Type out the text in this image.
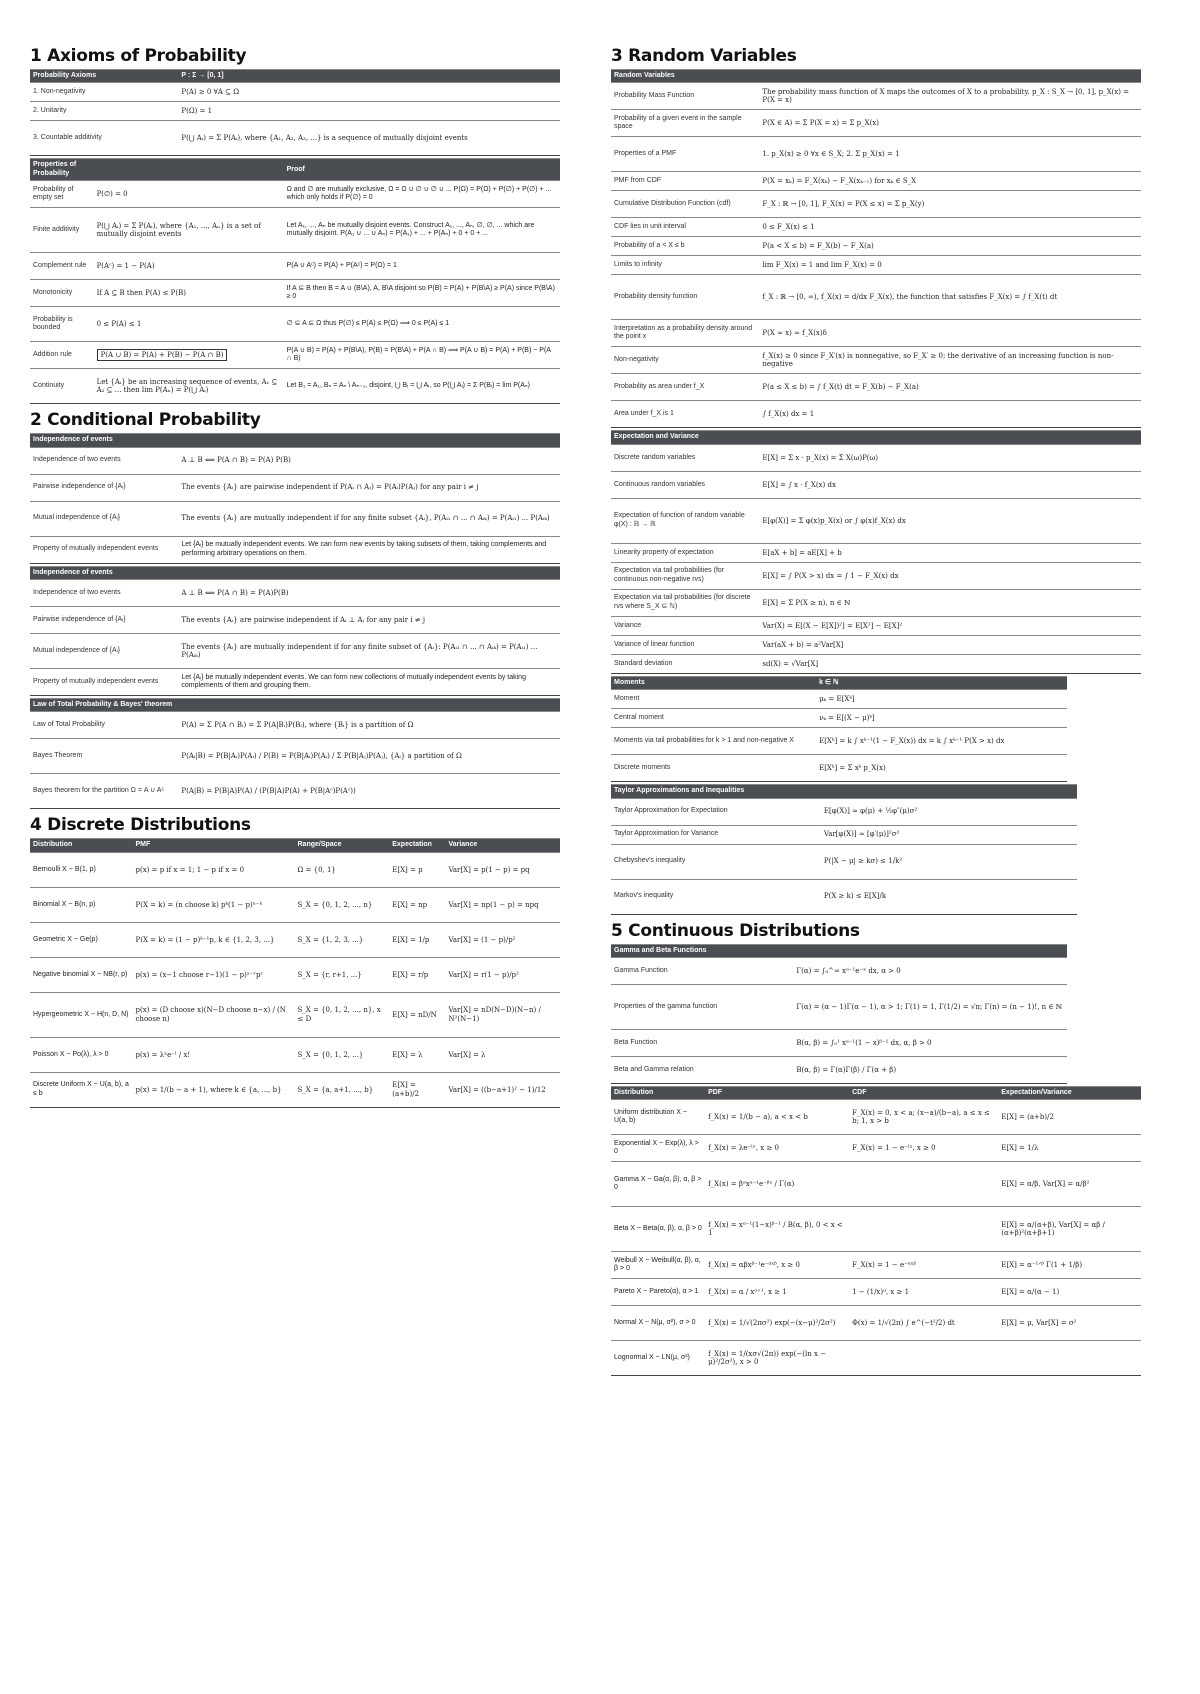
1 Axioms of Probability
Probability Axioms	P : Σ → [0, 1]
1. Non-negativity	P(A) ≥ 0 ∀A ⊆ Ω
2. Unitarity	P(Ω) = 1
3. Countable additivity	P(⋃ Aᵢ) = Σ P(Aᵢ), where {A₁, A₂, A₃, ...} is a sequence of mutually disjoint events
Properties of Probability		Proof
Probability of empty set	P(∅) = 0	Ω and ∅ are mutually exclusive, Ω = Ω ∪ ∅ ∪ ∅ ∪ ... P(Ω) = P(Ω) + P(∅) + P(∅) + ... which only holds if P(∅) = 0
Finite additivity	P(⋃ Aᵢ) = Σ P(Aᵢ), where {A₁, ..., Aₙ} is a set of mutually disjoint events	Let A₁, ..., Aₙ be mutually disjoint events. Construct A₁, ..., Aₙ, ∅, ∅, ... which are mutually disjoint. P(A₁ ∪ ... ∪ Aₙ) = P(A₁) + ... + P(Aₙ) + 0 + 0 + ...
Complement rule	P(Aᶜ) = 1 − P(A)	P(A ∪ Aᶜ) = P(A) + P(Aᶜ) = P(Ω) = 1
Monotonicity	If A ⊆ B then P(A) ≤ P(B)	If A ⊆ B then B = A ∪ (B\A), A, B\A disjoint so P(B) = P(A) + P(B\A) ≥ P(A) since P(B\A) ≥ 0
Probability is bounded	0 ≤ P(A) ≤ 1	∅ ⊆ A ⊆ Ω thus P(∅) ≤ P(A) ≤ P(Ω) ⟹ 0 ≤ P(A) ≤ 1
Addition rule	P(A ∪ B) = P(A) + P(B) − P(A ∩ B)	P(A ∪ B) = P(A) + P(B\A), P(B) = P(B\A) + P(A ∩ B) ⟹ P(A ∪ B) = P(A) + P(B) − P(A ∩ B)
Continuity	Let {Aᵢ} be an increasing sequence of events, A₁ ⊆ A₂ ⊆ ... then lim P(Aₙ) = P(⋃ Aᵢ)	Let B₁ = A₁, Bₙ = Aₙ \ Aₙ₋₁, disjoint, ⋃ Bᵢ = ⋃ Aᵢ, so P(⋃ Aᵢ) = Σ P(Bᵢ) = lim P(Aₙ)
2 Conditional Probability
Independence of events	
Independence of two events	A ⊥ B ⟺ P(A ∩ B) = P(A) P(B)
Pairwise independence of {Aᵢ}	The events {Aᵢ} are pairwise independent if P(Aᵢ ∩ Aⱼ) = P(Aᵢ)P(Aⱼ) for any pair i ≠ j
Mutual independence of {Aᵢ}	The events {Aᵢ} are mutually independent if for any finite subset {Aᵢ}, P(Aᵢ₁ ∩ ... ∩ Aᵢₖ) = P(Aᵢ₁) ... P(Aᵢₖ)
Property of mutually independent events	Let {Aᵢ} be mutually independent events. We can form new events by taking subsets of them, taking complements and performing arbitrary operations on them.
Independence of events	
Independence of two events	A ⊥ B ⟺ P(A ∩ B) = P(A)P(B)
Pairwise independence of {Aᵢ}	The events {Aᵢ} are pairwise independent if Aᵢ ⊥ Aⱼ for any pair i ≠ j
Mutual independence of {Aᵢ}	The events {Aᵢ} are mutually independent if for any finite subset of {Aᵢ}: P(Aᵢ₁ ∩ ... ∩ Aᵢₖ) = P(Aᵢ₁) ... P(Aᵢₖ)
Property of mutually independent events	Let {Aᵢ} be mutually independent events. We can form new collections of mutually independent events by taking complements of them and grouping them.
Law of Total Probability & Bayes' theorem	
Law of Total Probability	P(A) = Σ P(A ∩ Bᵢ) = Σ P(A|Bᵢ)P(Bᵢ), where {Bᵢ} is a partition of Ω
Bayes Theorem	P(Aᵢ|B) = P(B|Aᵢ)P(Aᵢ) / P(B) = P(B|Aᵢ)P(Aᵢ) / Σ P(B|Aⱼ)P(Aⱼ), {Aᵢ} a partition of Ω
Bayes theorem for the partition Ω = A ∪ Aᶜ	P(A|B) = P(B|A)P(A) / (P(B|A)P(A) + P(B|Aᶜ)P(Aᶜ))
4 Discrete Distributions
Distribution	PMF	Range/Space	Expectation	Variance
Bernoulli X ~ B(1, p)	p(x) = p if x = 1; 1 − p if x = 0	Ω = {0, 1}	E[X] = p	Var[X] = p(1 − p) = pq
Binomial X ~ B(n, p)	P(X = k) = (n choose k) pᵏ(1 − p)ⁿ⁻ᵏ	S_X = {0, 1, 2, ..., n}	E[X] = np	Var[X] = np(1 − p) = npq
Geometric X ~ Ge(p)	P(X = k) = (1 − p)ᵏ⁻¹p, k ∈ {1, 2, 3, ...}	S_X = {1, 2, 3, ...}	E[X] = 1/p	Var[X] = (1 − p)/p²
Negative binomial X ~ NB(r, p)	p(x) = (x−1 choose r−1)(1 − p)ˣ⁻ʳpʳ	S_X = {r, r+1, ...}	E[X] = r/p	Var[X] = r(1 − p)/p²
Hypergeometric X ~ H(n, D, N)	p(x) = (D choose x)(N−D choose n−x) / (N choose n)	S_X = {0, 1, 2, ..., n}, x ≤ D	E[X] = nD/N	Var[X] = nD(N−D)(N−n) / N²(N−1)
Poisson X ~ Po(λ), λ > 0	p(x) = λˣe⁻ˡ / x!	S_X = {0, 1, 2, ...}	E[X] = λ	Var[X] = λ
Discrete Uniform X ~ U(a, b), a ≤ b	p(x) = 1/(b − a + 1), where k ∈ {a, ..., b}	S_X = {a, a+1, ..., b}	E[X] = (a+b)/2	Var[X] = ((b−a+1)² − 1)/12
3 Random Variables
Random Variables	
Probability Mass Function	The probability mass function of X maps the outcomes of X to a probability. p_X : S_X → [0, 1], p_X(x) = P(X = x)
Probability of a given event in the sample space	P(X ∈ A) = Σ P(X = x) = Σ p_X(x)
Properties of a PMF	1. p_X(x) ≥ 0 ∀x ∈ S_X; 2. Σ p_X(x) = 1
PMF from CDF	P(X = xₖ) = F_X(xₖ) − F_X(xₖ₋₁) for xₖ ∈ S_X
Cumulative Distribution Function (cdf)	F_X : ℝ → [0, 1], F_X(x) = P(X ≤ x) = Σ p_X(y)
CDF lies in unit interval	0 ≤ F_X(x) ≤ 1
Probability of a < X ≤ b	P(a < X ≤ b) = F_X(b) − F_X(a)
Limits to infinity	lim F_X(x) = 1 and lim F_X(x) = 0
Probability density function	f_X : ℝ → [0, ∞), f_X(x) = d/dx F_X(x), the function that satisfies F_X(x) = ∫ f_X(t) dt
Interpretation as a probability density around the point x	P(X ≈ x) ≈ f_X(x)δ
Non-negativity	f_X(x) ≥ 0 since F_X′(x) is nonnegative, so F_X′ ≥ 0; the derivative of an increasing function is non-negative
Probability as area under f_X	P(a ≤ X ≤ b) = ∫ f_X(t) dt = F_X(b) − F_X(a)
Area under f_X is 1	∫ f_X(x) dx = 1
Expectation and Variance	
Discrete random variables	E[X] = Σ x · p_X(x) = Σ X(ω)P(ω)
Continuous random variables	E[X] = ∫ x · f_X(x) dx
Expectation of function of random variable φ(X) : ℝ → ℝ	E[φ(X)] = Σ φ(x)p_X(x) or ∫ φ(x)f_X(x) dx
Linearity property of expectation	E[aX + b] = aE[X] + b
Expectation via tail probabilities (for continuous non-negative rvs)	E[X] = ∫ P(X > x) dx = ∫ 1 − F_X(x) dx
Expectation via tail probabilities (for discrete rvs where S_X ⊆ ℕ)	E[X] = Σ P(X ≥ n), n ∈ ℕ
Variance	Var(X) = E[(X − E[X])²] = E[X²] − E[X]²
Variance of linear function	Var(aX + b) = a²Var[X]
Standard deviation	sd(X) = √Var[X]
Moments	k ∈ ℕ
Moment	μₖ = E[Xᵏ]
Central moment	νₖ = E[(X − μ)ᵏ]
Moments via tail probabilities for k > 1 and non-negative X	E[Xᵏ] = k ∫ xᵏ⁻¹(1 − F_X(x)) dx = k ∫ xᵏ⁻¹ P(X > x) dx
Discrete moments	E[Xᵏ] = Σ xᵏ p_X(x)
Taylor Approximations and Inequalities	
Taylor Approximation for Expectation	E[φ(X)] ≈ φ(μ) + ½φ″(μ)σ²
Taylor Approximation for Variance	Var[φ(X)] ≈ [φ′(μ)]²σ²
Chebyshev's inequality	P(|X − μ| ≥ kσ) ≤ 1/k²
Markov's inequality	P(X ≥ k) ≤ E[X]/k
5 Continuous Distributions
Gamma and Beta Functions	
Gamma Function	Γ(α) = ∫₀^∞ xᵅ⁻¹e⁻ˣ dx, α > 0
Properties of the gamma function	Γ(α) = (α − 1)Γ(α − 1), α > 1; Γ(1) = 1, Γ(1/2) = √π; Γ(n) = (n − 1)!, n ∈ ℕ
Beta Function	B(α, β) = ∫₀¹ xᵅ⁻¹(1 − x)ᵝ⁻¹ dx, α, β > 0
Beta and Gamma relation	B(α, β) = Γ(α)Γ(β) / Γ(α + β)
Distribution	PDF	CDF	Expectation/Variance
Uniform distribution X ~ U(a, b)	f_X(x) = 1/(b − a), a < x < b	F_X(x) = 0, x < a; (x−a)/(b−a), a ≤ x ≤ b; 1, x > b	E[X] = (a+b)/2
Exponential X ~ Exp(λ), λ > 0	f_X(x) = λe⁻ˡˣ, x ≥ 0	F_X(x) = 1 − e⁻ˡˣ, x ≥ 0	E[X] = 1/λ
Gamma X ~ Ga(α, β), α, β > 0	f_X(x) = βᵅxᵅ⁻¹e⁻ᵝˣ / Γ(α)		E[X] = α/β, Var[X] = α/β²
Beta X ~ Beta(α, β), α, β > 0	f_X(x) = xᵅ⁻¹(1−x)ᵝ⁻¹ / B(α, β), 0 < x < 1		E[X] = α/(α+β), Var[X] = αβ / (α+β)²(α+β+1)
Weibull X ~ Weibull(α, β), α, β > 0	f_X(x) = αβxᵝ⁻¹e⁻ᵅˣᵝ, x ≥ 0	F_X(x) = 1 − e⁻ᵅˣᵝ	E[X] = α⁻¹ᐟᵝ Γ(1 + 1/β)
Pareto X ~ Pareto(α), α > 1	f_X(x) = α / xᵅ⁺¹, x ≥ 1	1 − (1/x)ᵅ, x ≥ 1	E[X] = α/(α − 1)
Normal X ~ N(μ, σ²), σ > 0	f_X(x) = 1/√(2πσ²) exp(−(x−μ)²/2σ²)	Φ(x) = 1/√(2π) ∫ e^(−t²/2) dt	E[X] = μ, Var[X] = σ²
Lognormal X ~ LN(μ, σ²)	f_X(x) = 1/(xσ√(2π)) exp(−(ln x − μ)²/2σ²), x > 0		
